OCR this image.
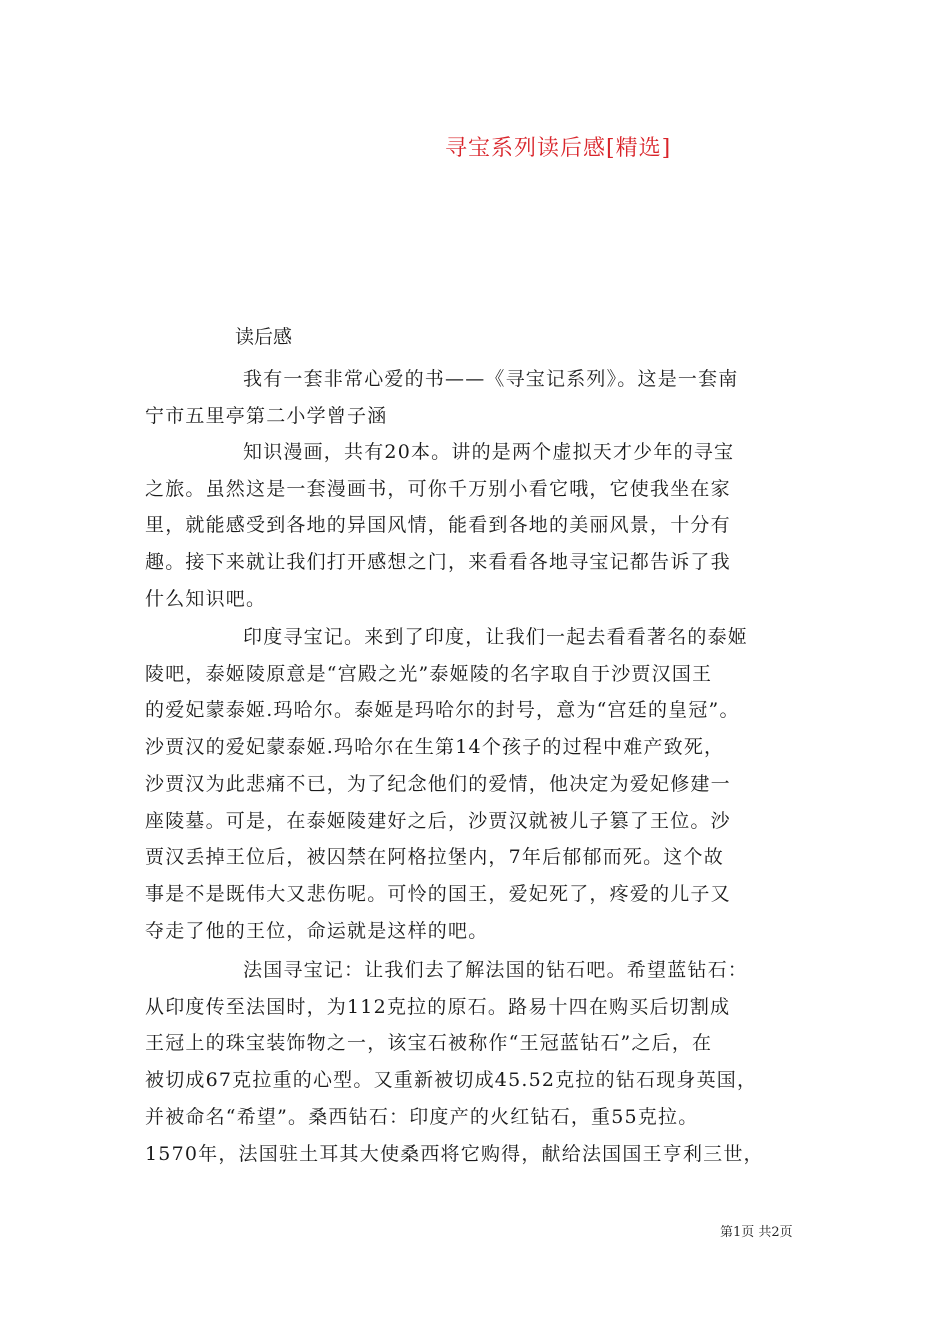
寻宝系列读后感[精选]
读后感
我有一套非常心爱的书——《寻宝记系列》。这是一套南
宁市五里亭第二小学曾子涵
知识漫画，共有20本。讲的是两个虚拟天才少年的寻宝
之旅。虽然这是一套漫画书，可你千万别小看它哦，它使我坐在家
里，就能感受到各地的异国风情，能看到各地的美丽风景，十分有
趣。接下来就让我们打开感想之门，来看看各地寻宝记都告诉了我
什么知识吧。
印度寻宝记。来到了印度，让我们一起去看看著名的泰姬
陵吧，泰姬陵原意是“宫殿之光”泰姬陵的名字取自于沙贾汉国王
的爱妃蒙泰姬.玛哈尔。泰姬是玛哈尔的封号，意为“宫廷的皇冠”。
沙贾汉的爱妃蒙泰姬.玛哈尔在生第14个孩子的过程中难产致死，
沙贾汉为此悲痛不已，为了纪念他们的爱情，他决定为爱妃修建一
座陵墓。可是，在泰姬陵建好之后，沙贾汉就被儿子篡了王位。沙
贾汉丢掉王位后，被囚禁在阿格拉堡内，7年后郁郁而死。这个故
事是不是既伟大又悲伤呢。可怜的国王，爱妃死了，疼爱的儿子又
夺走了他的王位，命运就是这样的吧。
法国寻宝记：让我们去了解法国的钻石吧。希望蓝钻石：
从印度传至法国时，为112克拉的原石。路易十四在购买后切割成
王冠上的珠宝装饰物之一，该宝石被称作“王冠蓝钻石”之后，在
被切成67克拉重的心型。又重新被切成45.52克拉的钻石现身英国，
并被命名“希望”。桑西钻石：印度产的火红钻石，重55克拉。
1570年，法国驻土耳其大使桑西将它购得，献给法国国王亨利三世，
第1页 共2页
